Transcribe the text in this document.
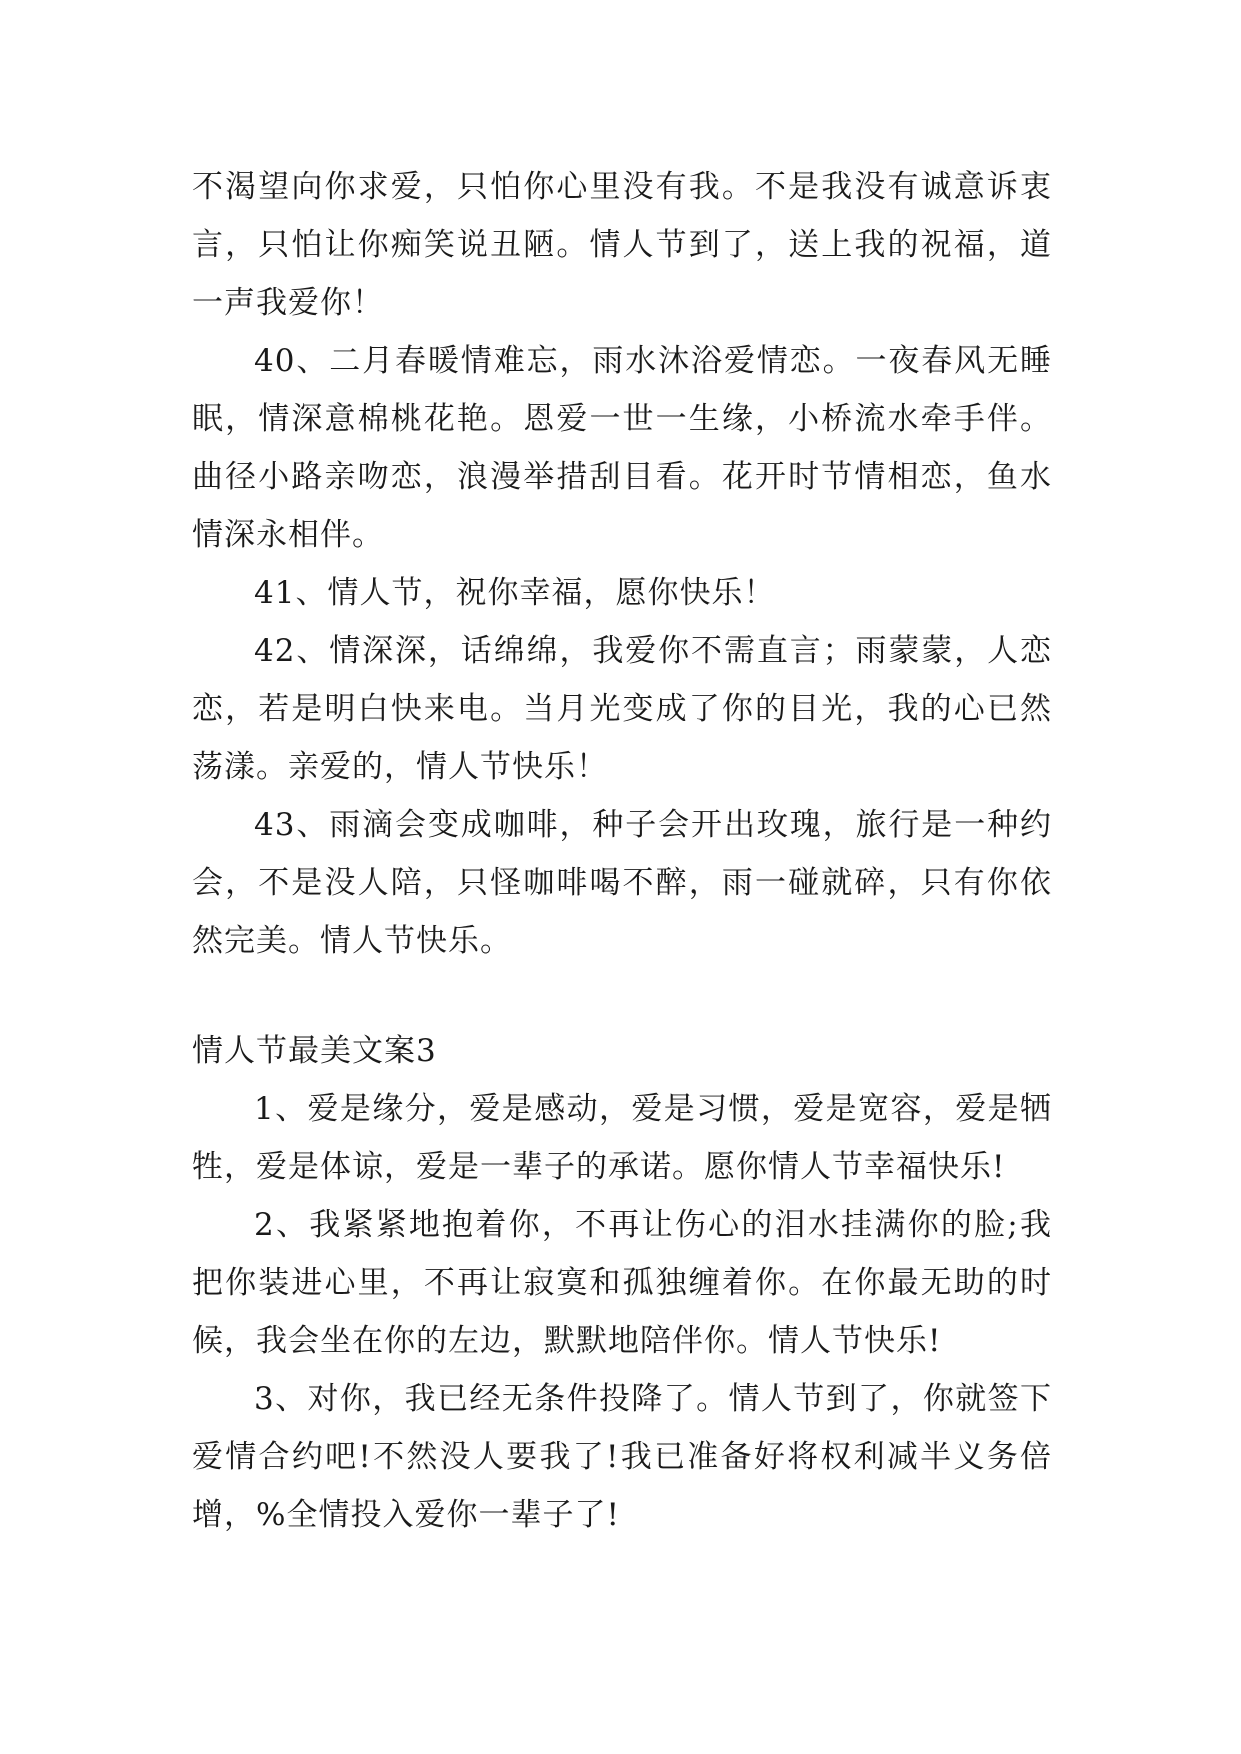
不渴望向你求爱，只怕你心里没有我。不是我没有诚意诉衷言，只怕让你痴笑说丑陋。情人节到了，送上我的祝福，道一声我爱你！

40、二月春暖情难忘，雨水沐浴爱情恋。一夜春风无睡眠，情深意棉桃花艳。恩爱一世一生缘，小桥流水牵手伴。曲径小路亲吻恋，浪漫举措刮目看。花开时节情相恋，鱼水情深永相伴。

41、情人节，祝你幸福，愿你快乐！

42、情深深，话绵绵，我爱你不需直言；雨蒙蒙，人恋恋，若是明白快来电。当月光变成了你的目光，我的心已然荡漾。亲爱的，情人节快乐！

43、雨滴会变成咖啡，种子会开出玫瑰，旅行是一种约会，不是没人陪，只怪咖啡喝不醉，雨一碰就碎，只有你依然完美。情人节快乐。

情人节最美文案3

1、爱是缘分，爱是感动，爱是习惯，爱是宽容，爱是牺牲，爱是体谅，爱是一辈子的承诺。愿你情人节幸福快乐!

2、我紧紧地抱着你，不再让伤心的泪水挂满你的脸;我把你装进心里，不再让寂寞和孤独缠着你。在你最无助的时候，我会坐在你的左边，默默地陪伴你。情人节快乐!

3、对你，我已经无条件投降了。情人节到了，你就签下爱情合约吧!不然没人要我了!我已准备好将权利减半义务倍增，%全情投入爱你一辈子了!
